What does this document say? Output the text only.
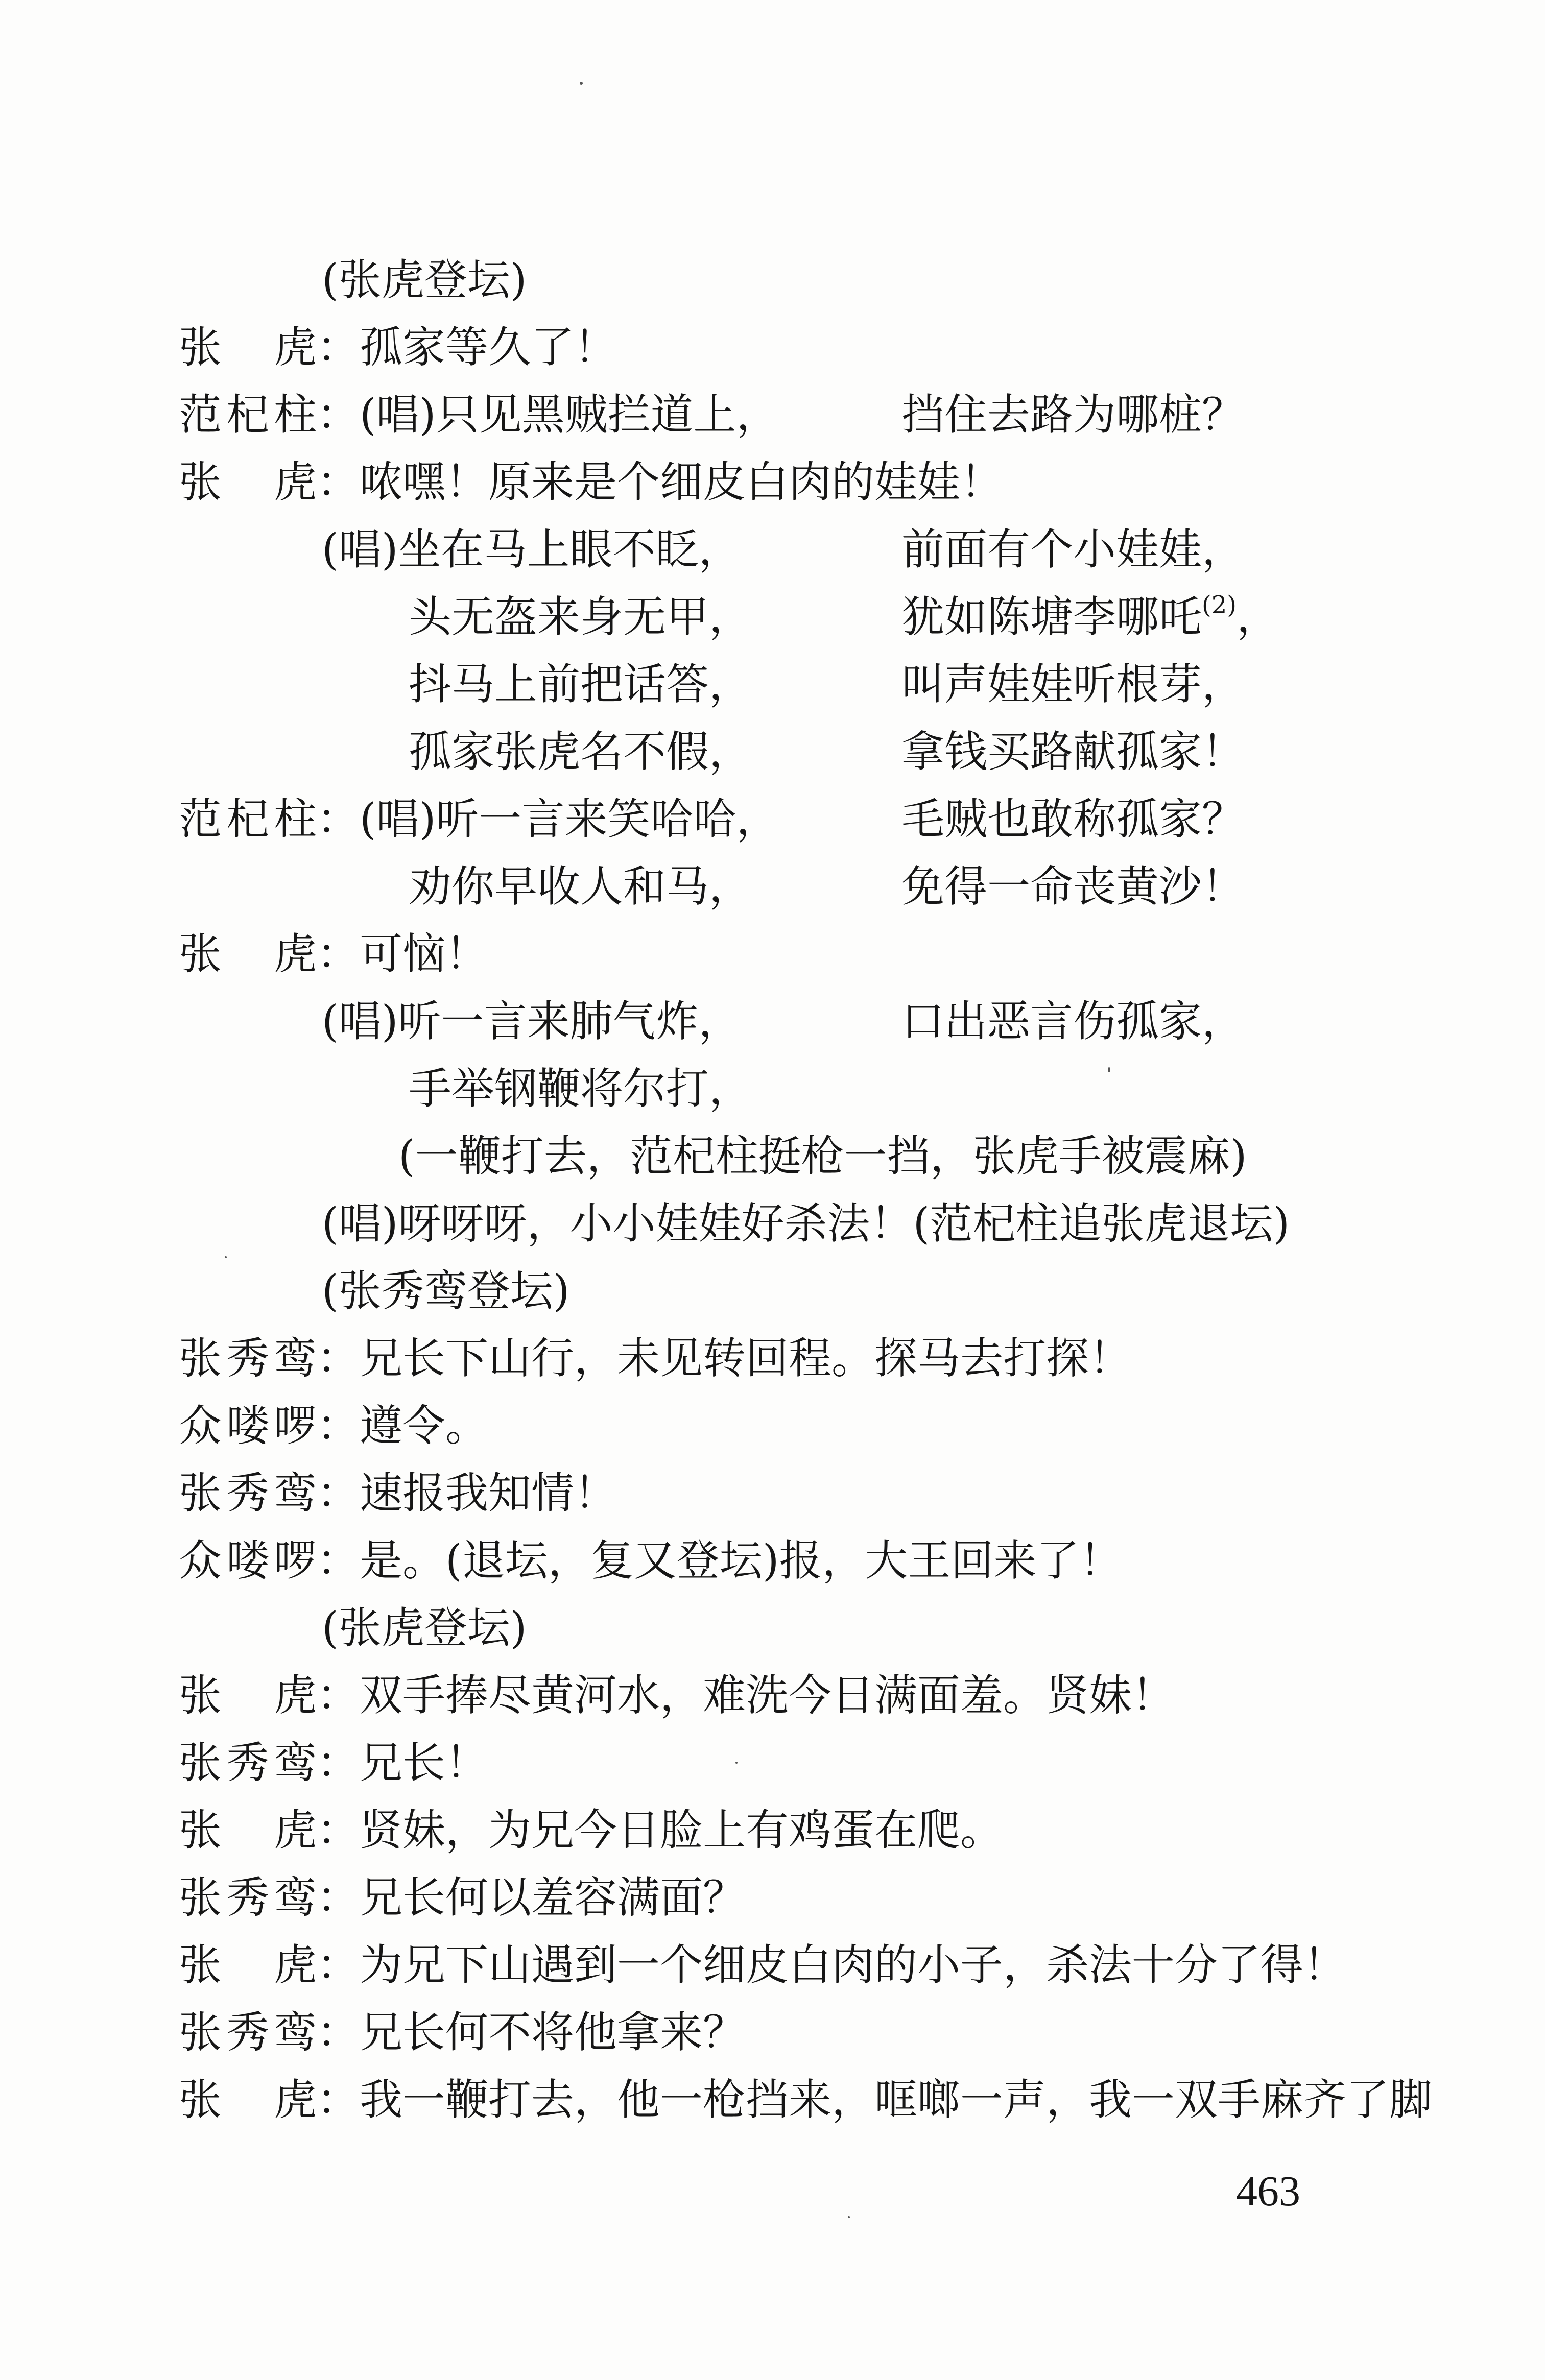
(张虎登坛)
张 虎：孤家等久了！
范杞柱：(唱)只见黑贼拦道上，	挡住去路为哪桩？
张 虎：哝嘿！原来是个细皮白肉的娃娃！
(唱)坐在马上眼不眨，	前面有个小娃娃，
头无盔来身无甲，	犹如陈塘李哪吒$^{(2)}$，
抖马上前把话答，	叫声娃娃听根芽，
孤家张虎名不假，	拿钱买路献孤家！
范杞柱：(唱)听一言来笑哈哈，	毛贼也敢称孤家？
劝你早收人和马，	免得一命丧黄沙！
张 虎：可恼！
(唱)听一言来肺气炸，	口出恶言伤孤家，
手举钢鞭将尔打，
(一鞭打去，范杞柱挺枪一挡，张虎手被震麻)
(唱)呀呀呀，小小娃娃好杀法！(范杞柱追张虎退坛)
(张秀鸾登坛)
张秀鸾：兄长下山行，未见转回程。探马去打探！
众喽啰：遵令。
张秀鸾：速报我知情！
众喽啰：是。(退坛，复又登坛)报，大王回来了！
(张虎登坛)
张 虎：双手捧尽黄河水，难洗今日满面羞。贤妹！
张秀鸾：兄长！
张 虎：贤妹，为兄今日脸上有鸡蛋在爬。
张秀鸾：兄长何以羞容满面？
张 虎：为兄下山遇到一个细皮白肉的小子，杀法十分了得！
张秀鸾：兄长何不将他拿来？
张 虎：我一鞭打去，他一枪挡来，哐啷一声，我一双手麻齐了脚
463
